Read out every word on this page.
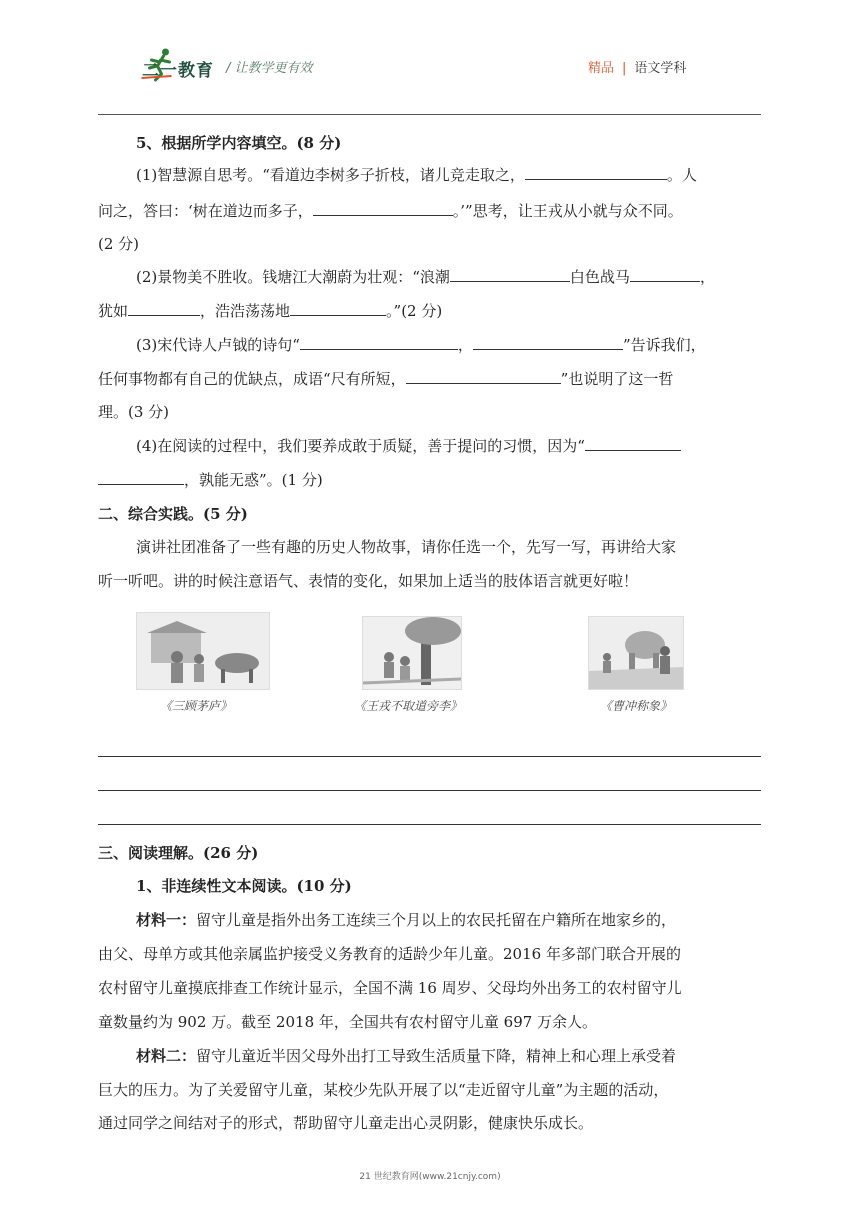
二一教育 / 让教学更有效	精品 | 语文学科
5、根据所学内容填空。(8 分)
(1)智慧源自思考。“看道边李树多子折枝，诸儿竞走取之，	。人
问之，答曰：‘树在道边而多子，	。’”思考，让王戎从小就与众不同。
(2 分)
(2)景物美不胜收。钱塘江大潮蔚为壮观：“浪潮	白色战马	，
犹如	，浩浩荡荡地	。”(2 分)
(3)宋代诗人卢钺的诗句“	，	”告诉我们，
任何事物都有自己的优缺点，成语“尺有所短，	”也说明了这一哲
理。(3 分)
(4)在阅读的过程中，我们要养成敢于质疑，善于提问的习惯，因为“
，孰能无惑”。(1 分)
二、综合实践。(5 分)
演讲社团准备了一些有趣的历史人物故事，请你任选一个，先写一写，再讲给大家
听一听吧。讲的时候注意语气、表情的变化，如果加上适当的肢体语言就更好啦！
《三顾茅庐》	《王戎不取道旁李》	《曹冲称象》
三、阅读理解。(26 分)
1、非连续性文本阅读。(10 分)
材料一：留守儿童是指外出务工连续三个月以上的农民托留在户籍所在地家乡的，
由父、母单方或其他亲属监护接受义务教育的适龄少年儿童。2016 年多部门联合开展的
农村留守儿童摸底排查工作统计显示，全国不满 16 周岁、父母均外出务工的农村留守儿
童数量约为 902 万。截至 2018 年，全国共有农村留守儿童 697 万余人。
材料二：留守儿童近半因父母外出打工导致生活质量下降，精神上和心理上承受着
巨大的压力。为了关爱留守儿童，某校少先队开展了以“走近留守儿童”为主题的活动，
通过同学之间结对子的形式，帮助留守儿童走出心灵阴影，健康快乐成长。
21 世纪教育网(www.21cnjy.com)
